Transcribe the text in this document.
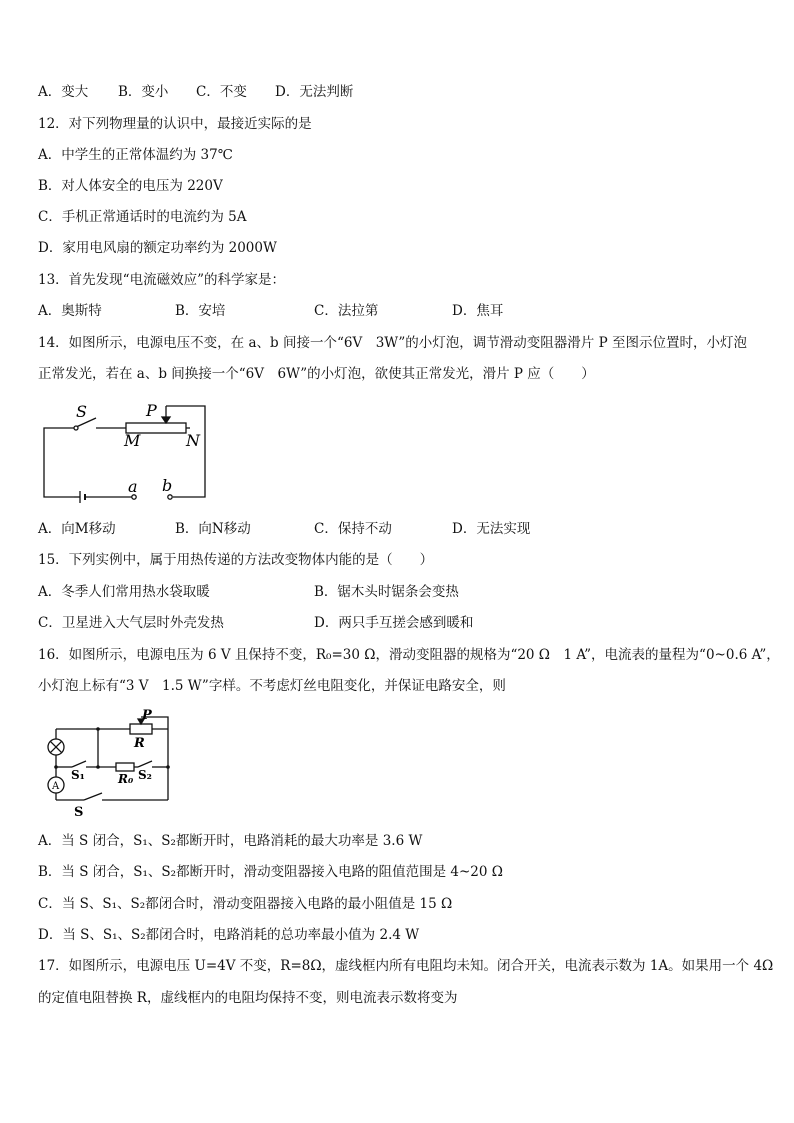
A．变大 B．变小 C．不变 D．无法判断
12．对下列物理量的认识中，最接近实际的是
A．中学生的正常体温约为 37℃
B．对人体安全的电压为 220V
C．手机正常通话时的电流约为 5A
D．家用电风扇的额定功率约为 2000W
13．首先发现“电流磁效应”的科学家是：
A．奥斯特	B．安培	C．法拉第	D．焦耳
14．如图所示，电源电压不变，在 a、b 间接一个“6V　3W”的小灯泡，调节滑动变阻器滑片 P 至图示位置时，小灯泡
正常发光，若在 a、b 间换接一个“6V　6W”的小灯泡，欲使其正常发光，滑片 P 应（　　）
S	P
M	N
a b
A．向M移动	B．向N移动	C．保持不动	D．无法实现
15．下列实例中，属于用热传递的方法改变物体内能的是（　　）
A．冬季人们常用热水袋取暖	B．锯木头时锯条会变热
C．卫星进入大气层时外壳发热	D．两只手互搓会感到暖和
16．如图所示，电源电压为 6 V 且保持不变，R₀=30 Ω，滑动变阻器的规格为“20 Ω　1 A”，电流表的量程为“0~0.6 A”，
小灯泡上标有“3 V　1.5 W”字样。不考虑灯丝电阻变化，并保证电路安全，则
P
R
R₀
S₁	S₂
S
A
A．当 S 闭合，S₁、S₂都断开时，电路消耗的最大功率是 3.6 W
B．当 S 闭合，S₁、S₂都断开时，滑动变阻器接入电路的阻值范围是 4~20 Ω
C．当 S、S₁、S₂都闭合时，滑动变阻器接入电路的最小阻值是 15 Ω
D．当 S、S₁、S₂都闭合时，电路消耗的总功率最小值为 2.4 W
17．如图所示，电源电压 U=4V 不变，R=8Ω，虚线框内所有电阻均未知。闭合开关，电流表示数为 1A。如果用一个 4Ω
的定值电阻替换 R，虚线框内的电阻均保持不变，则电流表示数将变为
